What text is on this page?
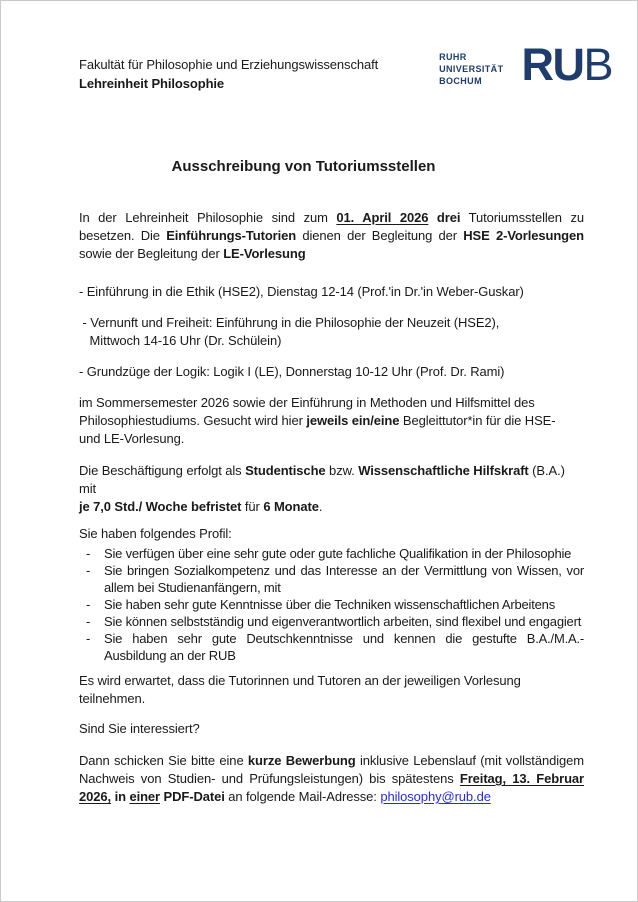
Fakultät für Philosophie und Erziehungswissenschaft
Lehreinheit Philosophie
RUHR
UNIVERSITÄT
BOCHUM RUB
Ausschreibung von Tutoriumsstellen

In der Lehreinheit Philosophie sind zum 01. April 2026 drei Tutoriumsstellen zu besetzen. Die Einführungs-Tutorien dienen der Begleitung der HSE 2-Vorlesungen sowie der Begleitung der LE-Vorlesung

- Einführung in die Ethik (HSE2), Dienstag 12-14 (Prof.'in Dr.'in Weber-Guskar)

- Vernunft und Freiheit: Einführung in die Philosophie der Neuzeit (HSE2),
Mittwoch 14-16 Uhr (Dr. Schülein)

- Grundzüge der Logik: Logik I (LE), Donnerstag 10-12 Uhr (Prof. Dr. Rami)

im Sommersemester 2026 sowie der Einführung in Methoden und Hilfsmittel des
Philosophiestudiums. Gesucht wird hier jeweils ein/eine Begleittutor*in für die HSE-
und LE-Vorlesung.

Die Beschäftigung erfolgt als Studentische bzw. Wissenschaftliche Hilfskraft (B.A.) mit
je 7,0 Std./ Woche befristet für 6 Monate.

Sie haben folgendes Profil:

-	Sie verfügen über eine sehr gute oder gute fachliche Qualifikation in der Philosophie
-	Sie bringen Sozialkompetenz und das Interesse an der Vermittlung von Wissen, vor allem bei Studienanfängern, mit
-	Sie haben sehr gute Kenntnisse über die Techniken wissenschaftlichen Arbeitens
-	Sie können selbstständig und eigenverantwortlich arbeiten, sind flexibel und engagiert
-	Sie haben sehr gute Deutschkenntnisse und kennen die gestufte B.A./M.A.-Ausbildung an der RUB

Es wird erwartet, dass die Tutorinnen und Tutoren an der jeweiligen Vorlesung
teilnehmen.

Sind Sie interessiert?

Dann schicken Sie bitte eine kurze Bewerbung inklusive Lebenslauf (mit vollständigem Nachweis von Studien- und Prüfungsleistungen) bis spätestens Freitag, 13. Februar 2026, in einer PDF-Datei an folgende Mail-Adresse: philosophy@rub.de
